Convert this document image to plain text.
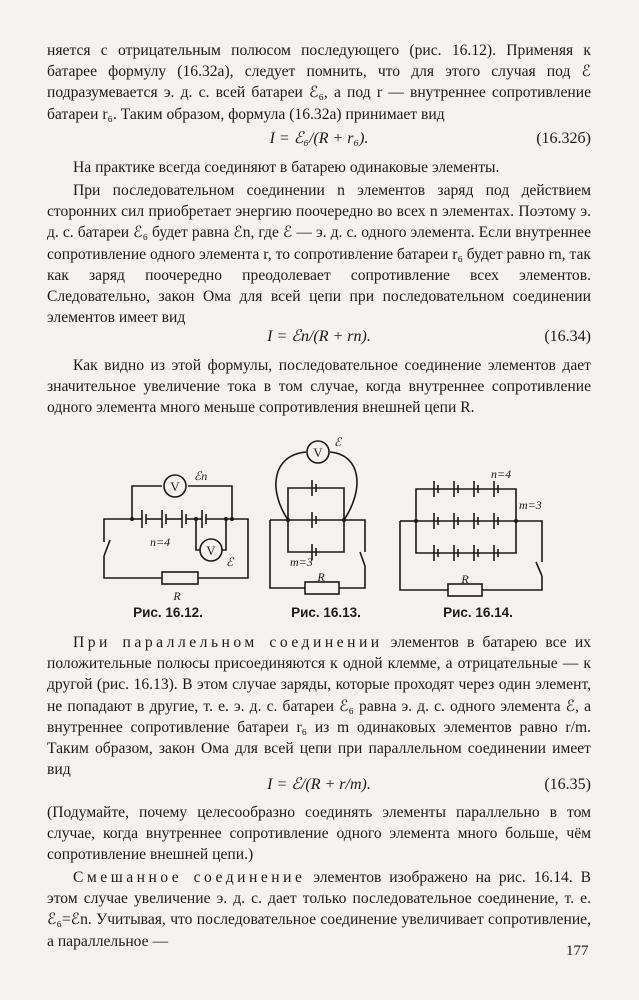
няется с отрицательным полюсом последующего (рис. 16.12). Применяя к батарее формулу (16.32а), следует помнить, что для этого случая под ℰ подразумевается э. д. с. всей батареи ℰ₆, а под r — внутреннее сопротивление батареи r₆. Таким образом, формула (16.32а) принимает вид

I = ℰ₆/(R + r₆).	(16.32б)

На практике всегда соединяют в батарею одинаковые элементы.

При последовательном соединении n элементов заряд под действием сторонних сил приобретает энергию поочередно во всех n элементах. Поэтому э. д. с. батареи ℰ₆ будет равна ℰn, где ℰ — э. д. с. одного элемента. Если внутреннее сопротивление одного элемента r, то сопротивление батареи r₆ будет равно rn, так как заряд поочередно преодолевает сопротивление всех элементов. Следовательно, закон Ома для всей цепи при последовательном соединении элементов имеет вид

I = ℰn/(R + rn).	(16.34)

Как видно из этой формулы, последовательное соединение элементов дает значительное увеличение тока в том случае, когда внутреннее сопротивление одного элемента много меньше сопротивления внешней цепи R.

V
ℰn
n=4
V
ℰ
R
V
ℰ
m=3
R
n=4
m=3
R
Рис. 16.12.	Рис. 16.13.	Рис. 16.14.

При параллельном соединении элементов в батарею все их положительные полюсы присоединяются к одной клемме, а отрицательные — к другой (рис. 16.13). В этом случае заряды, которые проходят через один элемент, не попадают в другие, т. е. э. д. с. батареи ℰ₆ равна э. д. с. одного элемента ℰ, а внутреннее сопротивление батареи r₆ из m одинаковых элементов равно r/m. Таким образом, закон Ома для всей цепи при параллельном соединении имеет вид

I = ℰ/(R + r/m).	(16.35)

(Подумайте, почему целесообразно соединять элементы параллельно в том случае, когда внутреннее сопротивление одного элемента много больше, чём сопротивление внешней цепи.)

Смешанное соединение элементов изображено на рис. 16.14. В этом случае увеличение э. д. с. дает только последовательное соединение, т. е. ℰ₆=ℰn. Учитывая, что последовательное соединение увеличивает сопротивление, а параллельное —

177
